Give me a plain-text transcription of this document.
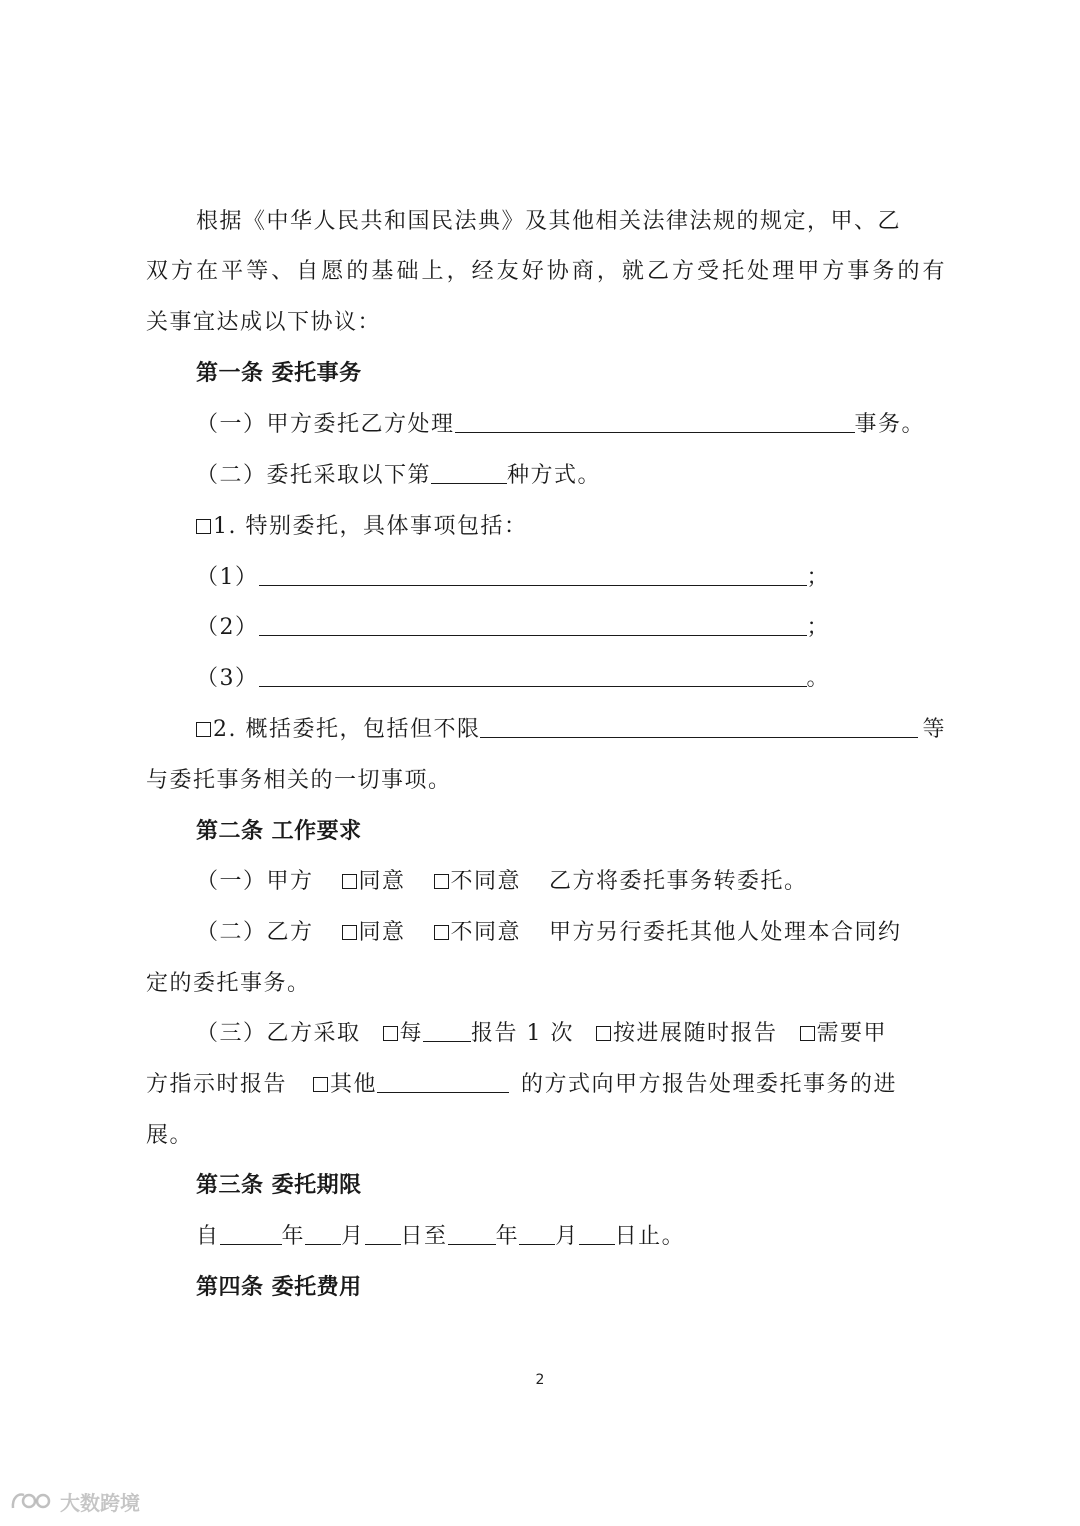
根据《中华人民共和国民法典》及其他相关法律法规的规定，甲、乙
双方在平等、自愿的基础上，经友好协商，就乙方受托处理甲方事务的有
关事宜达成以下协议：
第一条 委托事务
（一）甲方委托乙方处理	事务。
（二）委托采取以下第	种方式。
1. 特别委托，具体事项包括：
（1）	；
（2）	；
（3）	。
2. 概括委托，包括但不限	等
与委托事务相关的一切事项。
第二条 工作要求
（一）甲方 同意 不同意 乙方将委托事务转委托。
（二）乙方 同意 不同意 甲方另行委托其他人处理本合同约
定的委托事务。
（三）乙方采取 每 报告 1 次 按进展随时报告 需要甲
方指示时报告 其他	的方式向甲方报告处理委托事务的进
展。
第三条 委托期限
自	年 月 日至 年 月 日止。
第四条 委托费用
2
大数跨境
